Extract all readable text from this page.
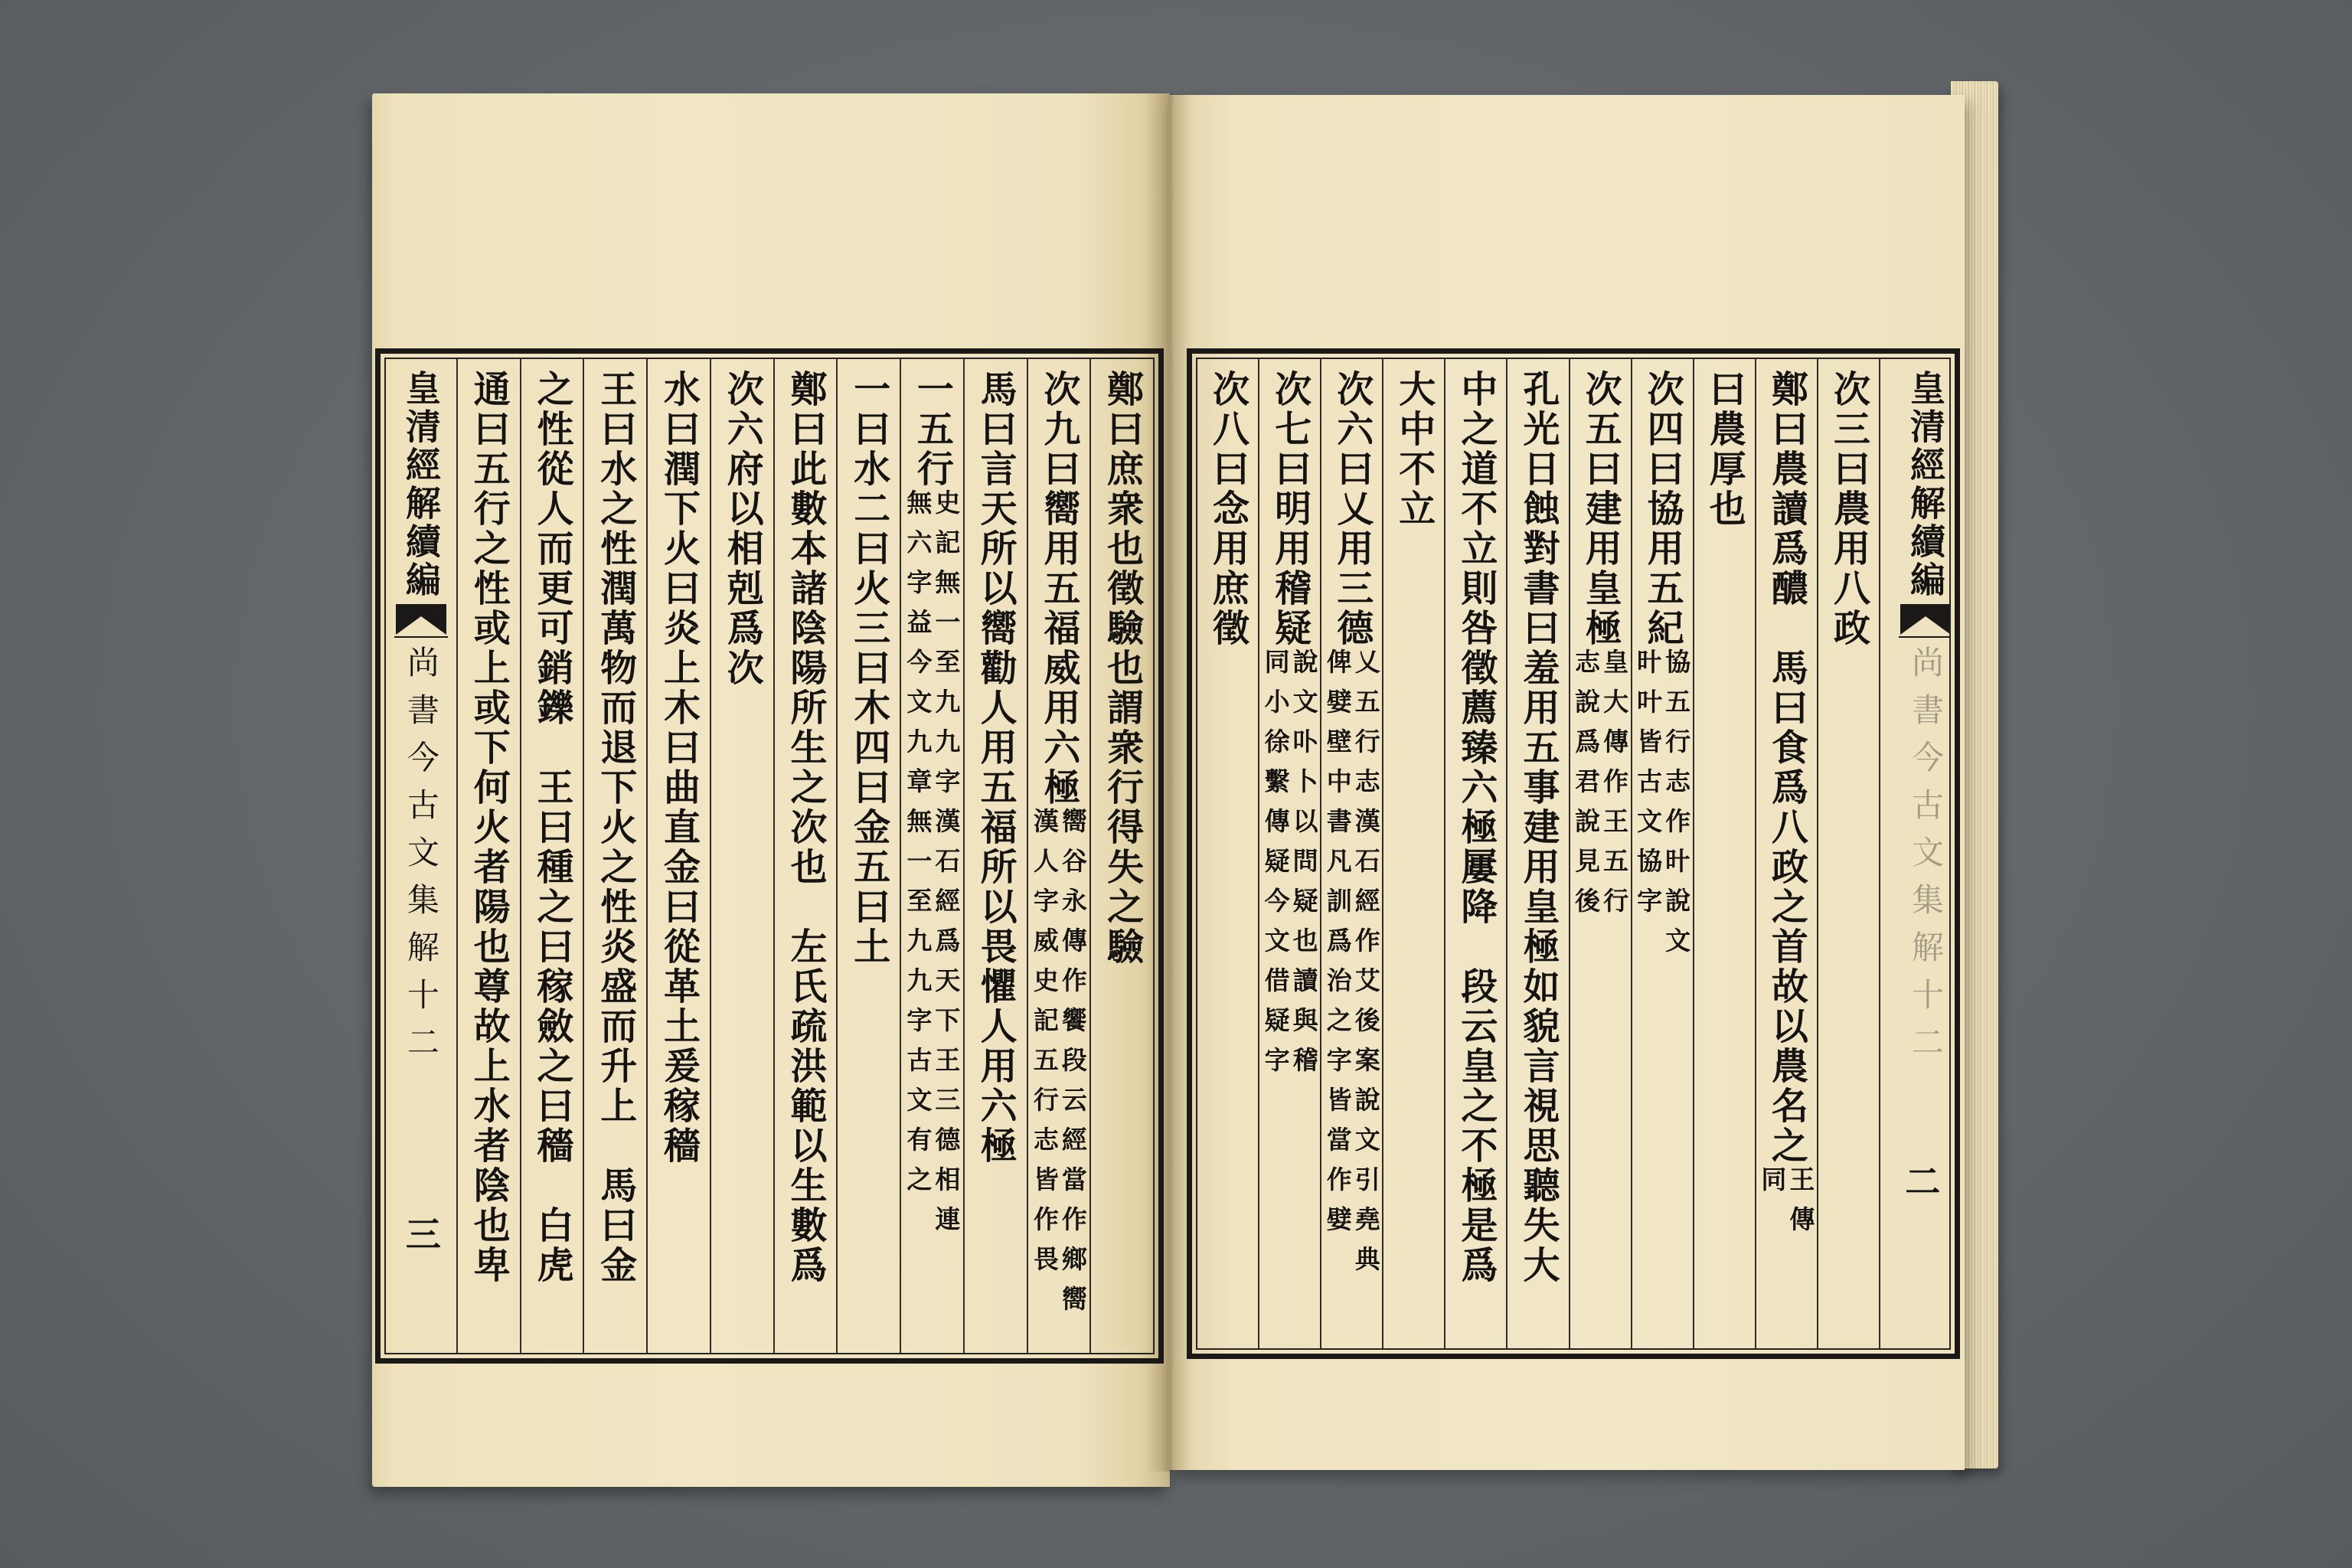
鄭曰庶衆也徵驗也謂衆行得失之驗
次九曰嚮用五福威用六極
嚮谷永傳作饗段云經當作鄉嚮
漢人字威史記五行志皆作畏
馬曰言天所以嚮勸人用五福所以畏懼人用六極
一五行
史記無一至九九字漢石經爲天下王三德相連
無六字益今文九章無一至九九字古文有之
一曰水二曰火三曰木四曰金五曰土
鄭曰此數本諸陰陽所生之次也　左氏疏洪範以生數爲
次六府以相剋爲次
水曰潤下火曰炎上木曰曲直金曰從革土爰稼穡
王曰水之性潤萬物而退下火之性炎盛而升上　馬曰金
之性從人而更可銷鑠　王曰種之曰稼斂之曰穡　白虎
通曰五行之性或上或下何火者陽也尊故上水者陰也卑
皇清經解續編
尚書今古文集解十二
三
皇清經解續編
尚書今古文集解十二
二
次三曰農用八政
鄭曰農讀爲醲　馬曰食爲八政之首故以農名之
王傳
同
曰農厚也
次四曰協用五紀
協五行志作旪說文
旪叶皆古文協字
次五曰建用皇極
皇大傳作王五行
志說爲君說見後
孔光日蝕對書曰羞用五事建用皇極如貌言視思聽失大
中之道不立則咎徵薦臻六極屢降　段云皇之不極是爲
大中不立
次六曰乂用三德
乂五行志漢石經作艾後案說文引堯典
俾嬖壁中書凡訓爲治之字皆當作嬖
次七曰明用稽疑
說文卟卜以問疑也讀與稽
同小徐繫傳疑今文借疑字
次八曰念用庶徵
